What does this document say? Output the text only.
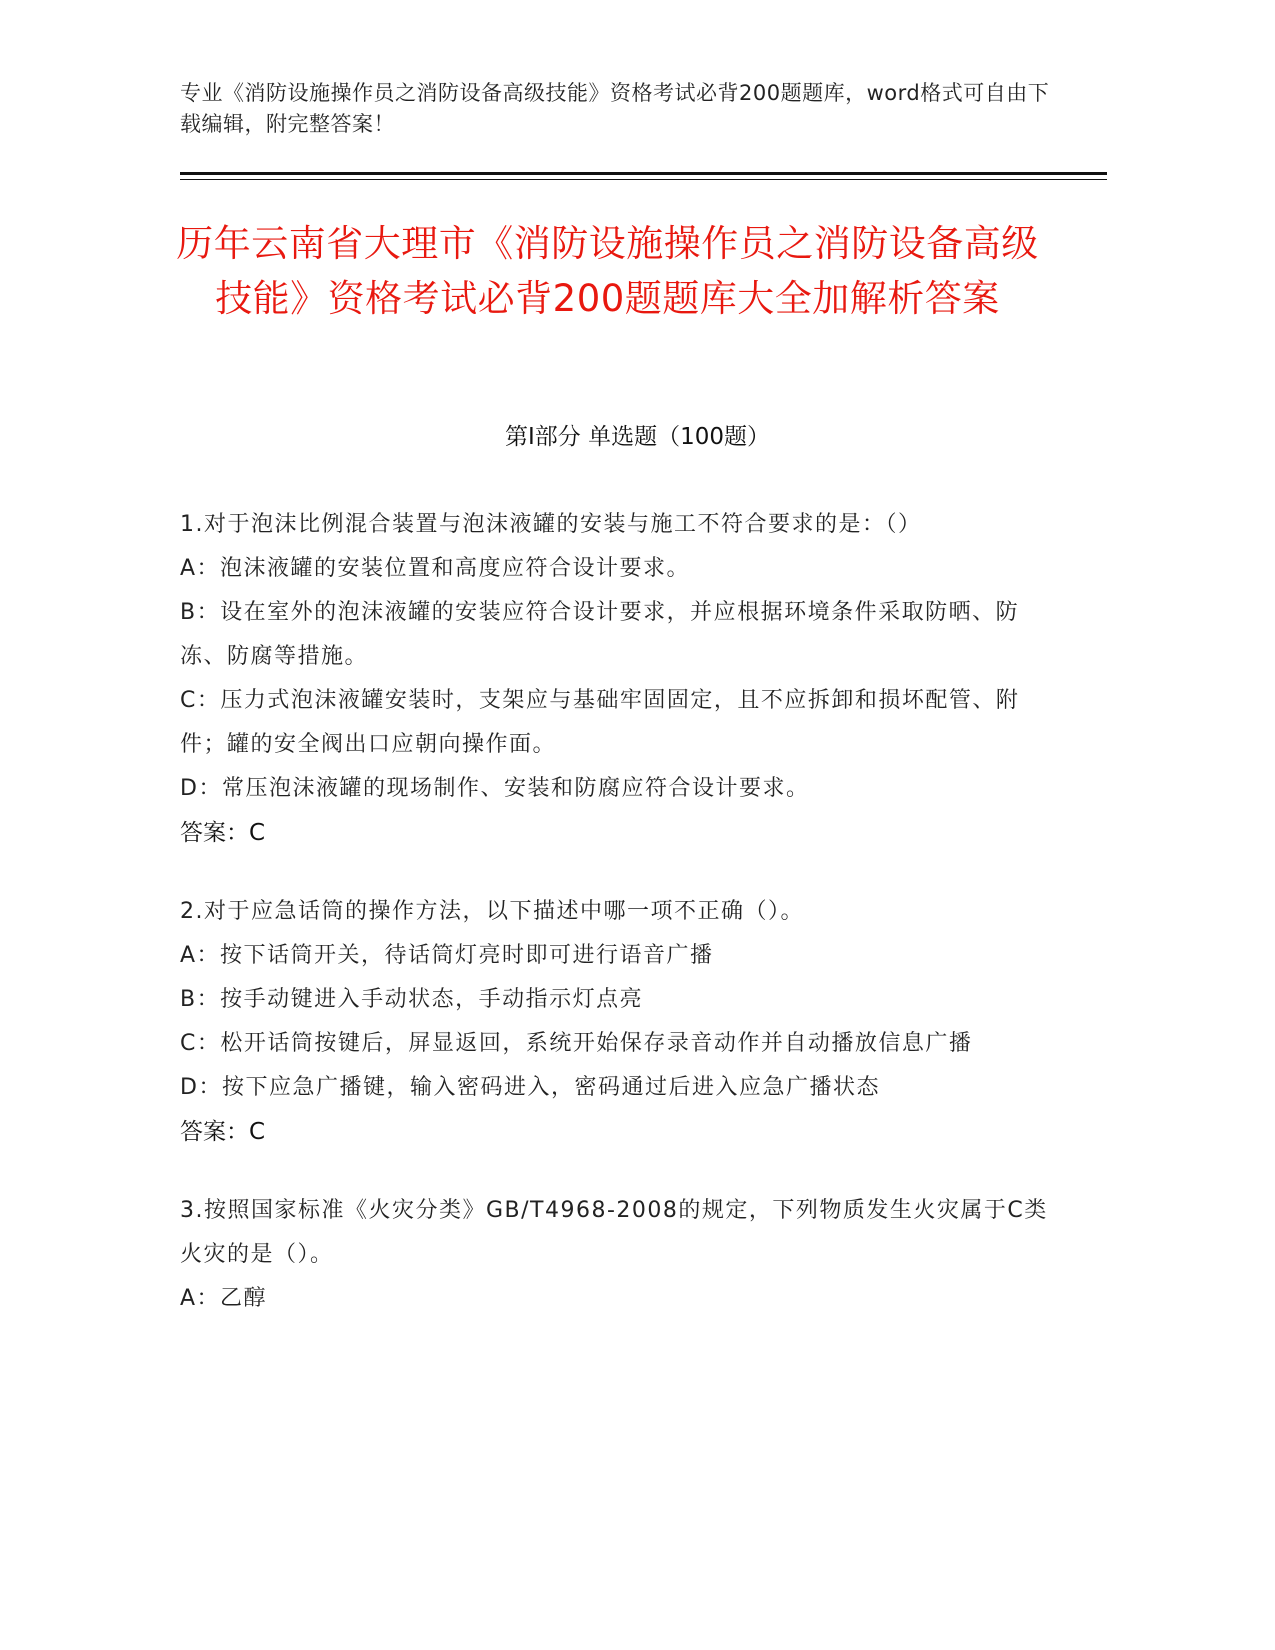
专业《消防设施操作员之消防设备高级技能》资格考试必背200题题库，word格式可自由下载编辑，附完整答案！
历年云南省大理市《消防设施操作员之消防设备高级技能》资格考试必背200题题库大全加解析答案
第Ⅰ部分 单选题（100题）

1.对于泡沫比例混合装置与泡沫液罐的安装与施工不符合要求的是：（）

A：泡沫液罐的安装位置和高度应符合设计要求。

B：设在室外的泡沫液罐的安装应符合设计要求，并应根据环境条件采取防晒、防冻、防腐等措施。

C：压力式泡沫液罐安装时，支架应与基础牢固固定，且不应拆卸和损坏配管、附件；罐的安全阀出口应朝向操作面。

D：常压泡沫液罐的现场制作、安装和防腐应符合设计要求。

答案：C

2.对于应急话筒的操作方法，以下描述中哪一项不正确（）。

A：按下话筒开关，待话筒灯亮时即可进行语音广播

B：按手动键进入手动状态，手动指示灯点亮

C：松开话筒按键后，屏显返回，系统开始保存录音动作并自动播放信息广播

D：按下应急广播键，输入密码进入，密码通过后进入应急广播状态

答案：C

3.按照国家标准《火灾分类》GB/T4968-2008的规定，下列物质发生火灾属于C类火灾的是（）。

A：乙醇
